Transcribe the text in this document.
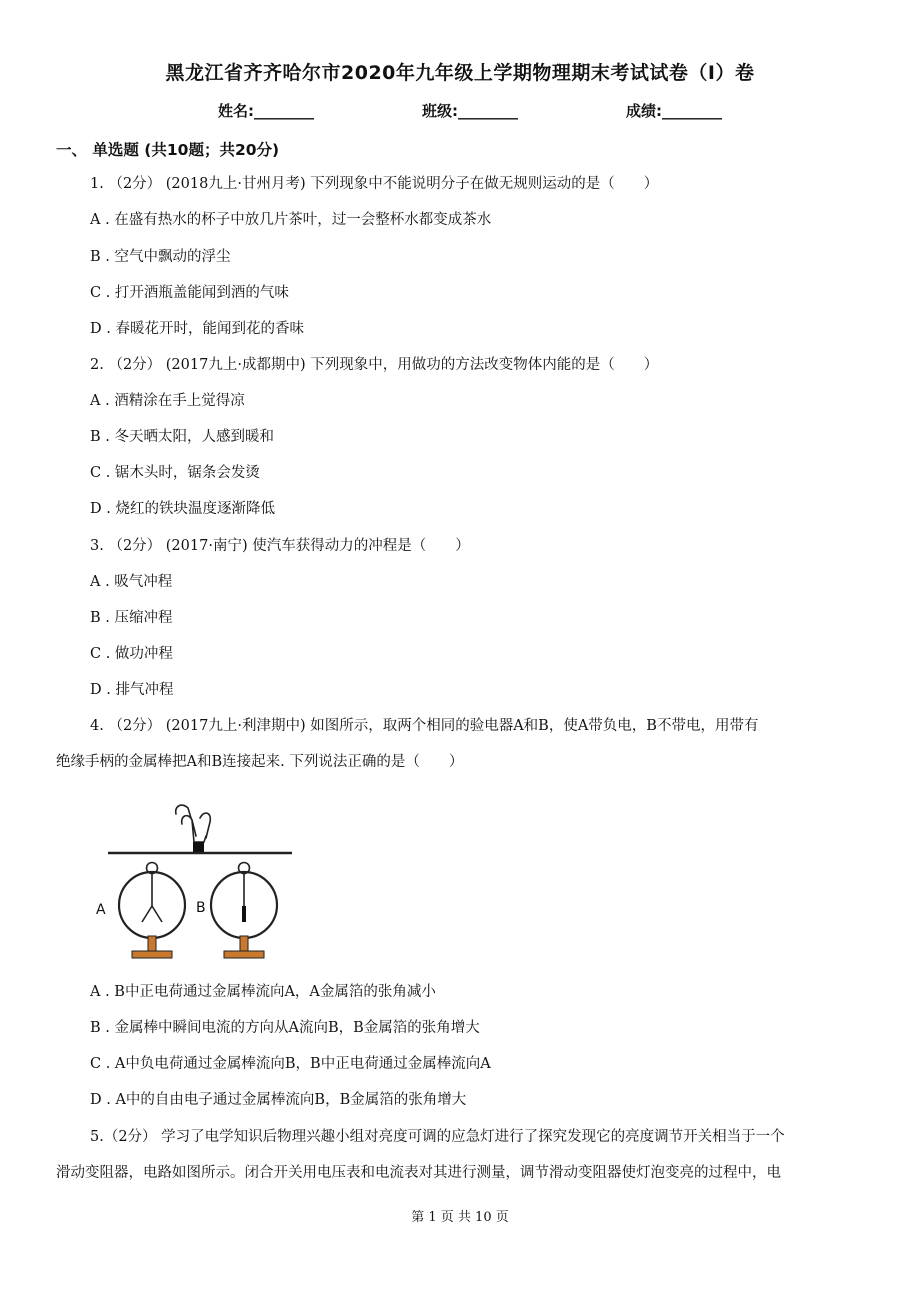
黑龙江省齐齐哈尔市2020年九年级上学期物理期末考试试卷（I）卷
姓名:________	班级:________	成绩:________
一、 单选题 (共10题；共20分)
1. （2分） (2018九上·甘州月考) 下列现象中不能说明分子在做无规则运动的是（　　）
A . 在盛有热水的杯子中放几片茶叶，过一会整杯水都变成茶水
B . 空气中飘动的浮尘
C . 打开酒瓶盖能闻到酒的气味
D . 春暖花开时，能闻到花的香味
2. （2分） (2017九上·成都期中) 下列现象中，用做功的方法改变物体内能的是（　　）
A . 酒精涂在手上觉得凉
B . 冬天晒太阳，人感到暖和
C . 锯木头时，锯条会发烫
D . 烧红的铁块温度逐渐降低
3. （2分） (2017·南宁) 使汽车获得动力的冲程是（　　）
A . 吸气冲程
B . 压缩冲程
C . 做功冲程
D . 排气冲程
4. （2分） (2017九上·利津期中) 如图所示，取两个相同的验电器A和B，使A带负电，B不带电，用带有
绝缘手柄的金属棒把A和B连接起来. 下列说法正确的是（　　）
A	B
A . B中正电荷通过金属棒流向A，A金属箔的张角减小
B . 金属棒中瞬间电流的方向从A流向B，B金属箔的张角增大
C . A中负电荷通过金属棒流向B，B中正电荷通过金属棒流向A
D . A中的自由电子通过金属棒流向B，B金属箔的张角增大
5.（2分） 学习了电学知识后物理兴趣小组对亮度可调的应急灯进行了探究发现它的亮度调节开关相当于一个
滑动变阻器，电路如图所示。闭合开关用电压表和电流表对其进行测量，调节滑动变阻器使灯泡变亮的过程中，电
第 1 页 共 10 页
